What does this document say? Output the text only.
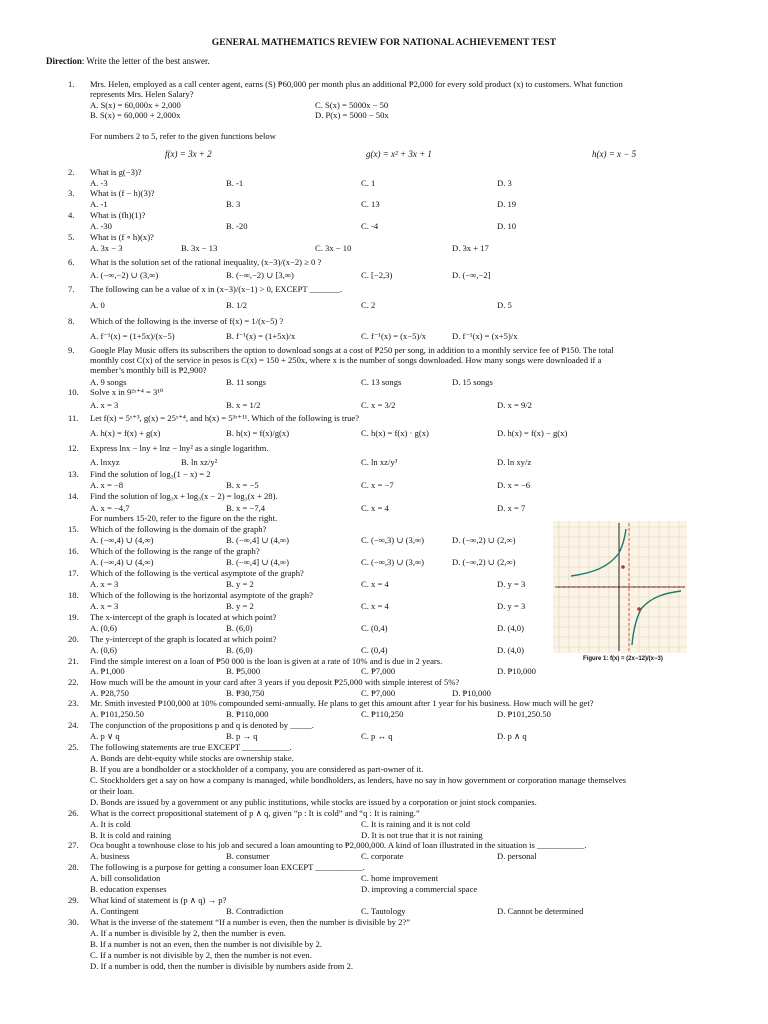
GENERAL MATHEMATICS REVIEW FOR NATIONAL ACHIEVEMENT TEST
Direction: Write the letter of the best answer.
For numbers 2 to 5, refer to the given functions below
f(x) = 3x + 2	g(x) = x² + 3x + 1	h(x) = x − 5
For numbers 15-20, refer to the figure on the the right.
1. Mrs. Helen, employed as a call center agent, earns (S) ₱60,000 per month plus an additional ₱2,000 for every sold product (x) to customers. What function
represents Mrs. Helen Salary?
A. S(x) = 60,000x + 2,000	C. S(x) = 5000x − 50
B. S(x) = 60,000 + 2,000x	D. P(x) = 5000 − 50x
2. What is g(−3)?
A. -3	B. -1	C. 1	D. 3
3. What is (f − h)(3)?
A. -1	B. 3	C. 13	D. 19
4. What is (fh)(1)?
A. -30	B. -20	C. -4	D. 10
5. What is (f ∘ h)(x)?
A. 3x − 3	B. 3x − 13	C. 3x − 10	D. 3x + 17
6. What is the solution set of the rational inequality, (x−3)/(x−2) ≥ 0 ?
A. (−∞,−2) ∪ (3,∞)	B. (−∞,−2) ∪ [3,∞)	C. [−2,3)	D. (−∞,−2]
7. The following can be a value of x in (x−3)/(x−1) > 0, EXCEPT _______.
A. 0	B. 1/2	C. 2	D. 5
8. Which of the following is the inverse of f(x) = 1/(x−5) ?
A. f⁻¹(x) = (1+5x)/(x−5)	B. f⁻¹(x) = (1+5x)/x	C. f⁻¹(x) = (x−5)/x	D. f⁻¹(x) = (x+5)/x
9. Google Play Music offers its subscribers the option to download songs at a cost of ₱250 per song, in addition to a monthly service fee of ₱150. The total
monthly cost C(x) of the service in pesos is C(x) = 150 + 250x, where x is the number of songs downloaded. How many songs were downloaded if a
member’s monthly bill is ₱2,900?
A. 9 songs	B. 11 songs	C. 13 songs	D. 15 songs
10. Solve x in 9²ˣ⁺⁴ = 3¹⁰
A. x = 3	B. x = 1/2	C. x = 3/2	D. x = 9/2
11. Let f(x) = 5ˣ⁺³, g(x) = 25ˣ⁺⁴, and h(x) = 5³ˣ⁺¹¹. Which of the following is true?
A. h(x) = f(x) + g(x)	B. h(x) = f(x)/g(x)	C. h(x) = f(x) · g(x)	D. h(x) = f(x) − g(x)
12. Express lnx − lny + lnz − lny² as a single logarithm.
A. lnxyz	B. ln xz/y²	C. ln xz/y³	D. ln xy/z
13. Find the solution of log₃(1 − x) = 2
A. x = −8	B. x = −5	C. x = −7	D. x = −6
14. Find the solution of log₃x + log₃(x − 2) = log₃(x + 28).
A. x = −4,7	B. x = −7,4	C. x = 4	D. x = 7
15. Which of the following is the domain of the graph?
A. (−∞,4) ∪ (4,∞)	B. (−∞,4] ∪ (4,∞)	C. (−∞,3) ∪ (3,∞)	D. (−∞,2) ∪ (2,∞)
16. Which of the following is the range of the graph?
A. (−∞,4) ∪ (4,∞)	B. (−∞,4] ∪ (4,∞)	C. (−∞,3) ∪ (3,∞)	D. (−∞,2) ∪ (2,∞)
17. Which of the following is the vertical asymptote of the graph?
A. x = 3	B. y = 2	C. x = 4	D. y = 3
18. Which of the following is the horizontal asymptote of the graph?
A. x = 3	B. y = 2	C. x = 4	D. y = 3
19. The x-intercept of the graph is located at which point?
A. (0,6)	B. (6,0)	C. (0,4)	D. (4,0)
20. The y-intercept of the graph is located at which point?
A. (0,6)	B. (6,0)	C. (0,4)	D. (4,0)
21. Find the simple interest on a loan of ₱50 000 is the loan is given at a rate of 10% and is due in 2 years.
A. ₱1,000	B. ₱5,000	C. ₱7,000	D. ₱10,000
22. How much will be the amount in your card after 3 years if you deposit ₱25,000 with simple interest of 5%?
A. ₱28,750	B. ₱30,750	C. ₱7,000	D. ₱10,000
23. Mr. Smith invested ₱100,000 at 10% compounded semi-annually. He plans to get this amount after 1 year for his business. How much will he get?
A. ₱101,250.50	B. ₱110,000	C. ₱110,250	D. ₱101,250.50
24. The conjunction of the propositions p and q is denoted by _____.
A. p ∨ q	B. p → q	C. p ↔ q	D. p ∧ q
25. The following statements are true EXCEPT ___________.
A. Bonds are debt-equity while stocks are ownership stake.
B. If you are a bondholder or a stockholder of a company, you are considered as part-owner of it.
C. Stockholders get a say on how a company is managed, while bondholders, as lenders, have no say in how government or corporation manage themselves
or their loan.
D. Bonds are issued by a government or any public institutions, while stocks are issued by a corporation or joint stock companies.
26. What is the correct propositional statement of p ∧ q, given “p : It is cold” and “q : It is raining.”
A. It is cold	C. It is raining and it is not cold
B. It is cold and raining	D. It is not true that it is not raining
27. Oca bought a townhouse close to his job and secured a loan amounting to ₱2,000,000. A kind of loan illustrated in the situation is ___________.
A. business	B. consumer	C. corporate	D. personal
28. The following is a purpose for getting a consumer loan EXCEPT ___________.
A. bill consolidation	C. home improvement
B. education expenses	D. improving a commercial space
29. What kind of statement is (p ∧ q) → p?
A. Contingent	B. Contradiction	C. Tautology	D. Cannot be determined
30. What is the inverse of the statement “If a number is even, then the number is divisible by 2?”
A. If a number is divisible by 2, then the number is even.
B. If a number is not an even, then the number is not divisible by 2.
C. If a number is not divisible by 2, then the number is not even.
D. If a number is odd, then the number is divisible by numbers aside from 2.
Figure 1: f(x) = (2x−12)/(x−3)
